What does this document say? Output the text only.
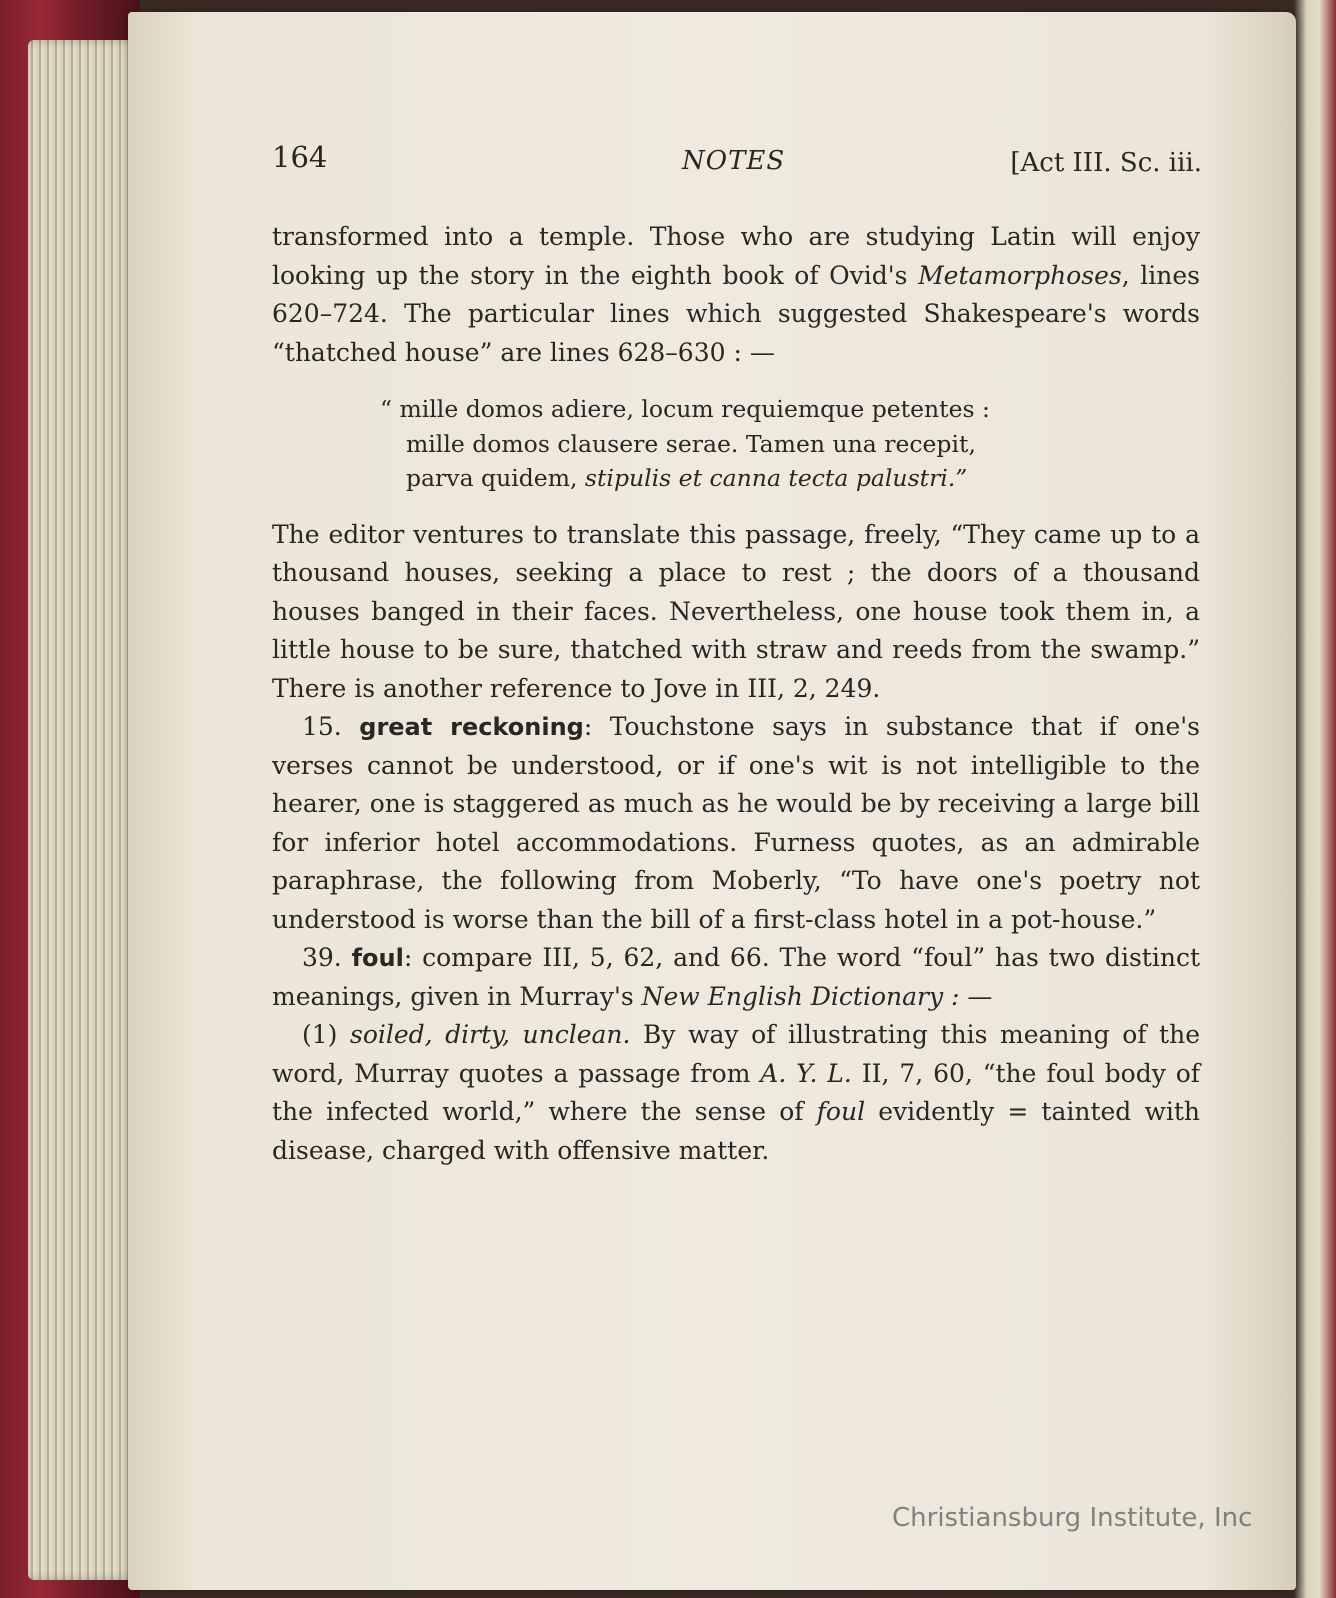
164	NOTES	[Act III. Sc. iii.

transformed into a temple. Those who are studying Latin will enjoy looking up the story in the eighth book of Ovid's Metamorphoses, lines 620–724. The particular lines which suggested Shakespeare's words “thatched house” are lines 628–630 : —

“ mille domos adiere, locum requiemque petentes :
mille domos clausere serae. Tamen una recepit,
parva quidem, stipulis et canna tecta palustri.”

The editor ventures to translate this passage, freely, “They came up to a thousand houses, seeking a place to rest ; the doors of a thousand houses banged in their faces. Nevertheless, one house took them in, a little house to be sure, thatched with straw and reeds from the swamp.” There is another reference to Jove in III, 2, 249.

15. great reckoning: Touchstone says in substance that if one's verses cannot be understood, or if one's wit is not intelligible to the hearer, one is staggered as much as he would be by receiving a large bill for inferior hotel accommodations. Furness quotes, as an admirable paraphrase, the following from Moberly, “To have one's poetry not understood is worse than the bill of a first-class hotel in a pot-house.”

39. foul: compare III, 5, 62, and 66. The word “foul” has two distinct meanings, given in Murray's New English Dictionary : —

(1) soiled, dirty, unclean. By way of illustrating this meaning of the word, Murray quotes a passage from A. Y. L. II, 7, 60, “the foul body of the infected world,” where the sense of foul evidently = tainted with disease, charged with offensive matter.

Christiansburg Institute, Inc
